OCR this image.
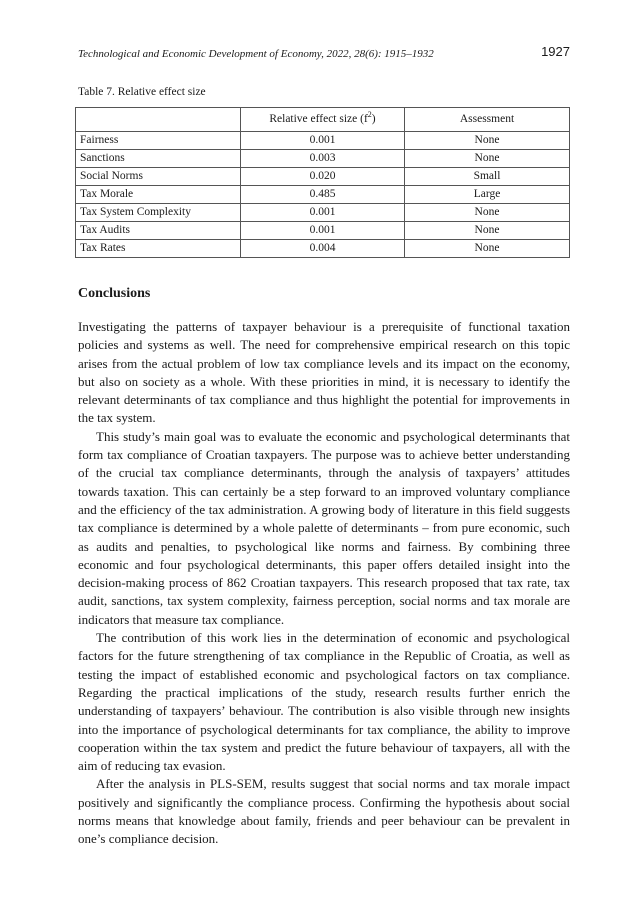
Technological and Economic Development of Economy, 2022, 28(6): 1915–1932	1927
Table 7. Relative effect size
	Relative effect size $(f^2)$	Assessment
Fairness	0.001	None
Sanctions	0.003	None
Social Norms	0.020	Small
Tax Morale	0.485	Large
Tax System Complexity	0.001	None
Tax Audits	0.001	None
Tax Rates	0.004	None
Conclusions

Investigating the patterns of taxpayer behaviour is a prerequisite of functional taxation policies and systems as well. The need for comprehensive empirical research on this topic arises from the actual problem of low tax compliance levels and its impact on the economy, but also on society as a whole. With these priorities in mind, it is necessary to identify the relevant determinants of tax compliance and thus highlight the potential for improvements in the tax system.

This study’s main goal was to evaluate the economic and psychological determinants that form tax compliance of Croatian taxpayers. The purpose was to achieve better understanding of the crucial tax compliance determinants, through the analysis of taxpayers’ attitudes towards taxation. This can certainly be a step forward to an improved voluntary compliance and the efficiency of the tax administration. A growing body of literature in this field suggests tax compliance is determined by a whole palette of determinants – from pure economic, such as audits and penalties, to psychological like norms and fairness. By combining three economic and four psychological determinants, this paper offers detailed insight into the decision-making process of 862 Croatian taxpayers. This research proposed that tax rate, tax audit, sanctions, tax system complexity, fairness perception, social norms and tax morale are indicators that measure tax compliance.

The contribution of this work lies in the determination of economic and psychological factors for the future strengthening of tax compliance in the Republic of Croatia, as well as testing the impact of established economic and psychological factors on tax compliance. Regarding the practical implications of the study, research results further enrich the understanding of taxpayers’ behaviour. The contribution is also visible through new insights into the importance of psychological determinants for tax compliance, the ability to improve cooperation within the tax system and predict the future behaviour of taxpayers, all with the aim of reducing tax evasion.

After the analysis in PLS-SEM, results suggest that social norms and tax morale impact positively and significantly the compliance process. Confirming the hypothesis about social norms means that knowledge about family, friends and peer behaviour can be prevalent in one’s compliance decision.
